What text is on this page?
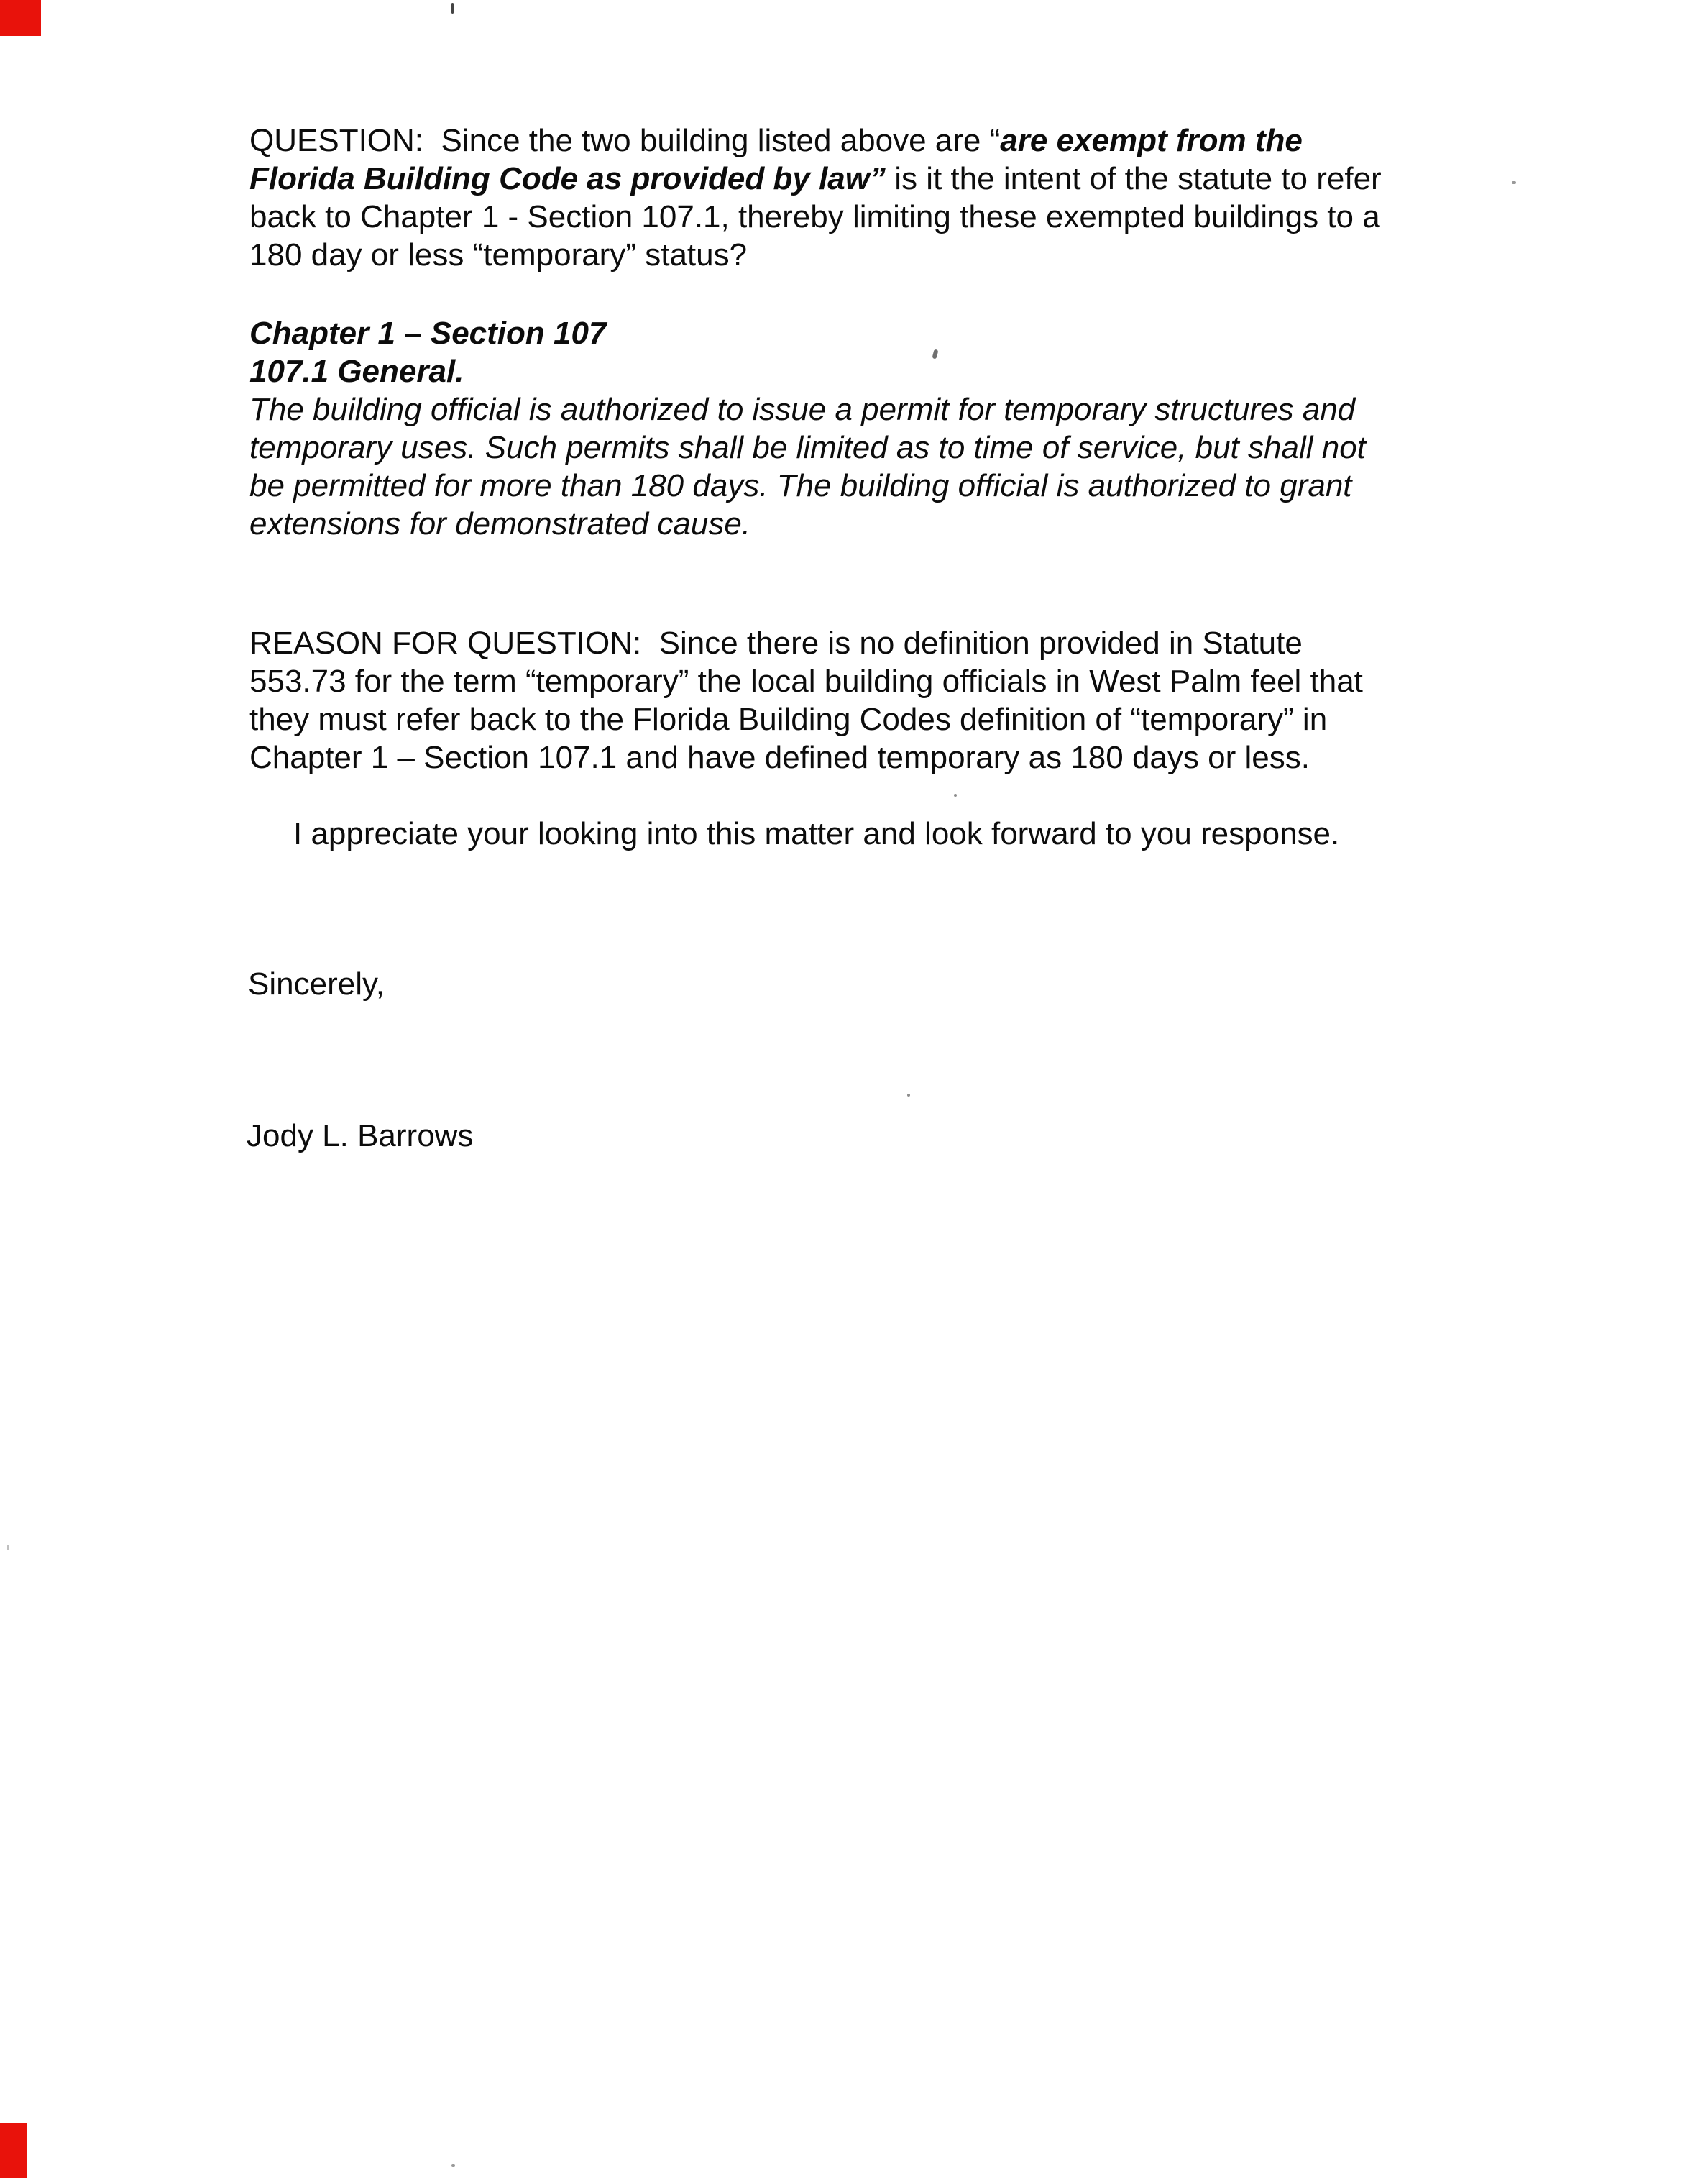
QUESTION:  Since the two building listed above are “are exempt from the
Florida Building Code as provided by law” is it the intent of the statute to refer
back to Chapter 1 - Section 107.1, thereby limiting these exempted buildings to a
180 day or less “temporary” status?
Chapter 1 – Section 107
107.1 General.
The building official is authorized to issue a permit for temporary structures and
temporary uses. Such permits shall be limited as to time of service, but shall not
be permitted for more than 180 days. The building official is authorized to grant
extensions for demonstrated cause.
REASON FOR QUESTION:  Since there is no definition provided in Statute
553.73 for the term “temporary” the local building officials in West Palm feel that
they must refer back to the Florida Building Codes definition of “temporary” in
Chapter 1 – Section 107.1 and have defined temporary as 180 days or less.
I appreciate your looking into this matter and look forward to you response.
Sincerely,
Jody L. Barrows
